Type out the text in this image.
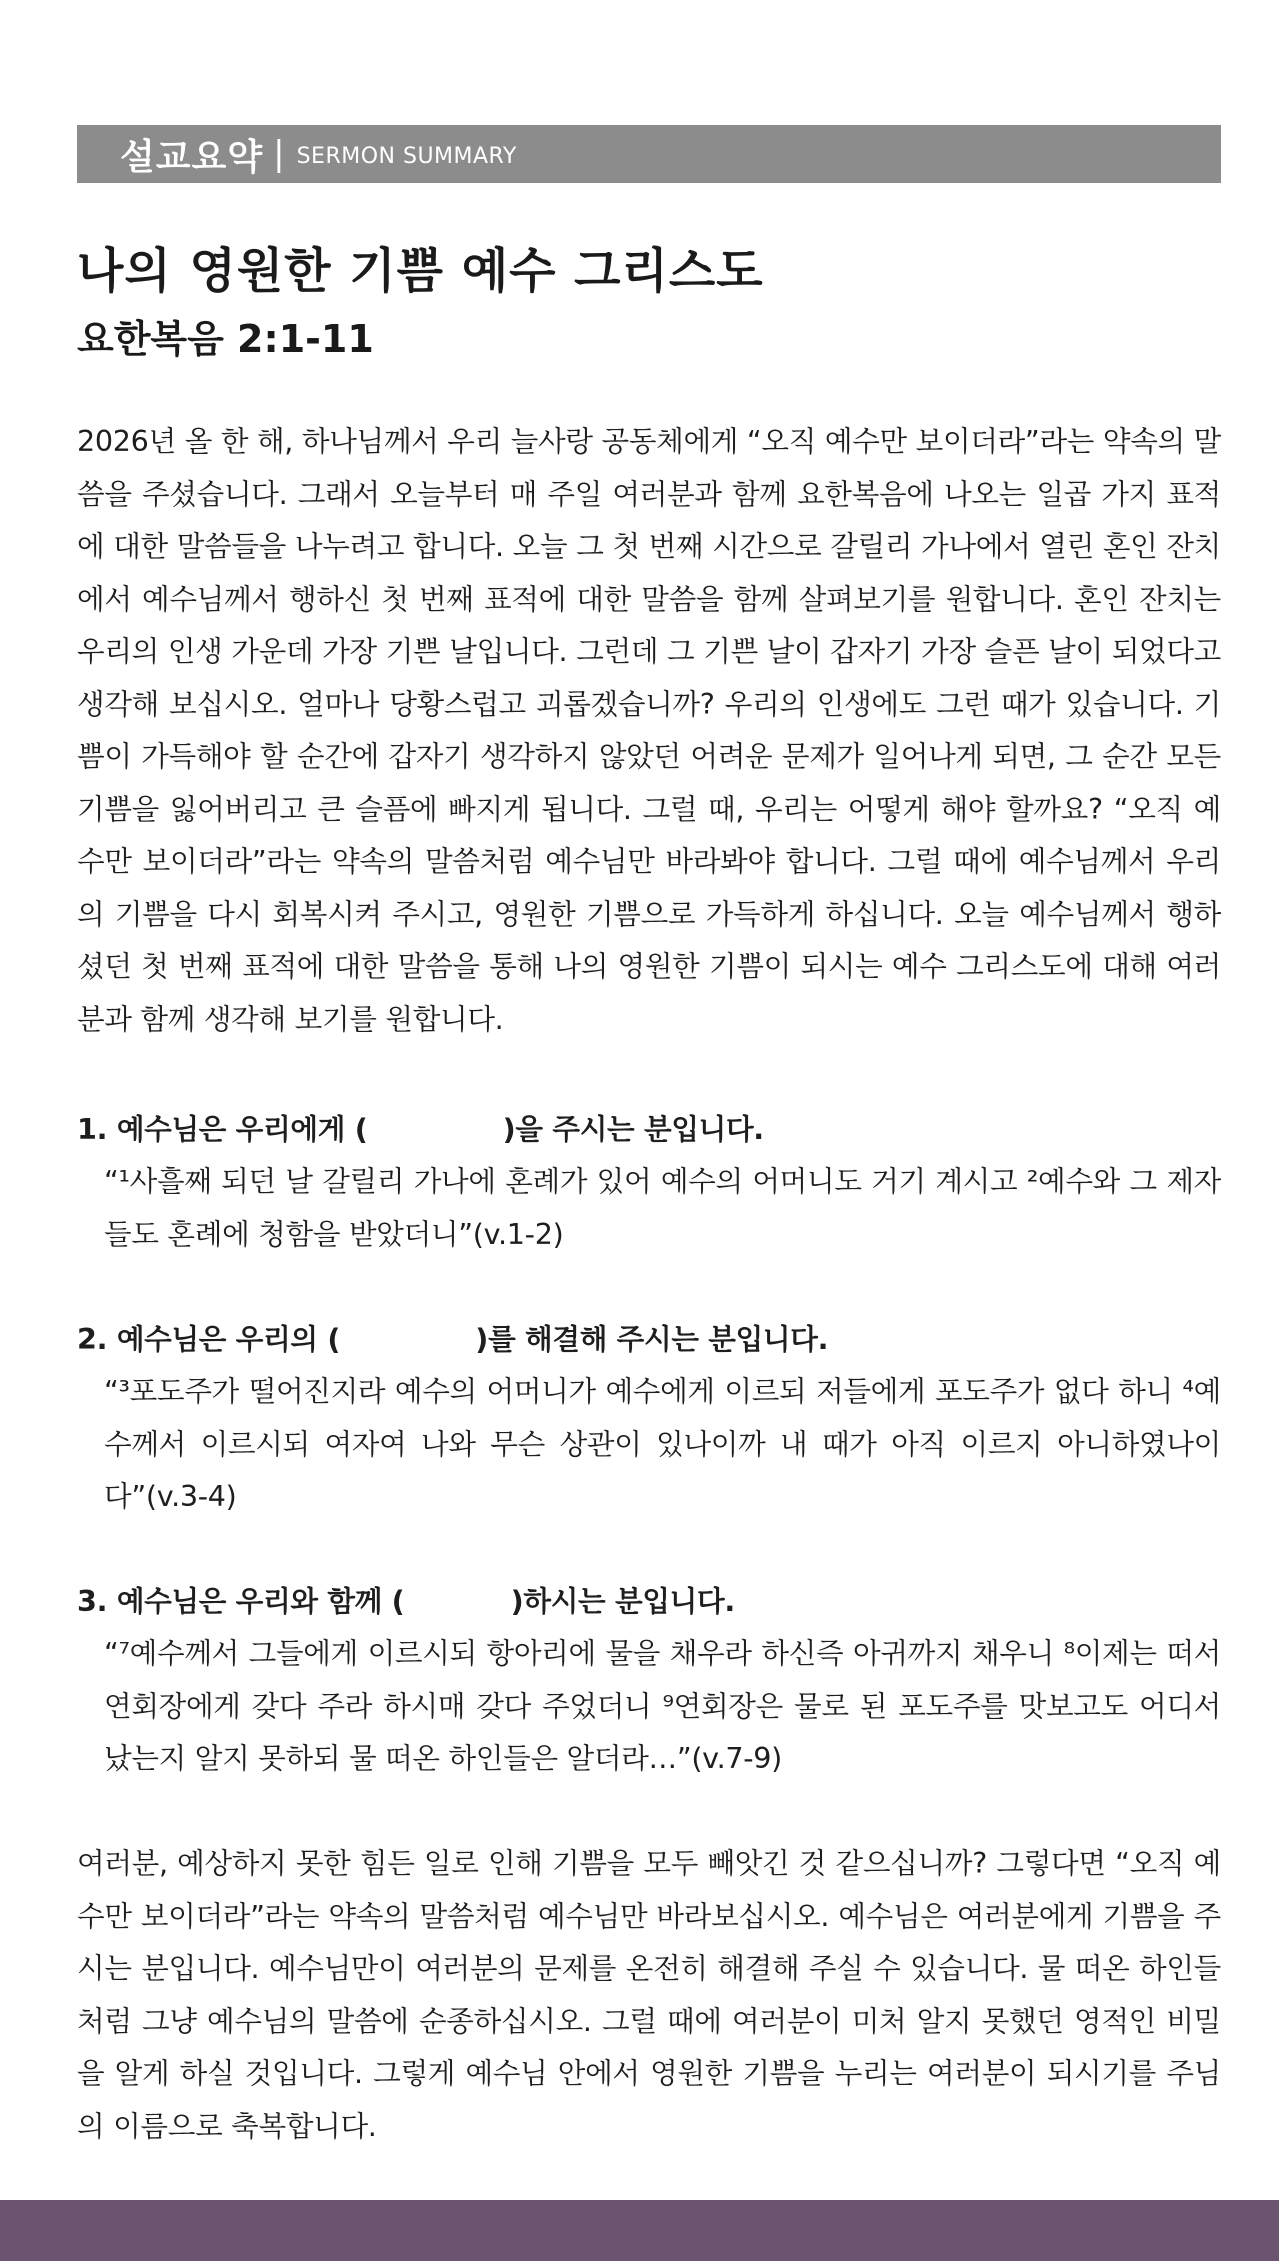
설교요약 | SERMON SUMMARY
나의 영원한 기쁨 예수 그리스도
요한복음 2:1-11

2026년 올 한 해, 하나님께서 우리 늘사랑 공동체에게 “오직 예수만 보이더라”라는 약속의 말씀을 주셨습니다. 그래서 오늘부터 매 주일 여러분과 함께 요한복음에 나오는 일곱 가지 표적에 대한 말씀들을 나누려고 합니다. 오늘 그 첫 번째 시간으로 갈릴리 가나에서 열린 혼인 잔치에서 예수님께서 행하신 첫 번째 표적에 대한 말씀을 함께 살펴보기를 원합니다. 혼인 잔치는 우리의 인생 가운데 가장 기쁜 날입니다. 그런데 그 기쁜 날이 갑자기 가장 슬픈 날이 되었다고 생각해 보십시오. 얼마나 당황스럽고 괴롭겠습니까? 우리의 인생에도 그런 때가 있습니다. 기쁨이 가득해야 할 순간에 갑자기 생각하지 않았던 어려운 문제가 일어나게 되면, 그 순간 모든 기쁨을 잃어버리고 큰 슬픔에 빠지게 됩니다. 그럴 때, 우리는 어떻게 해야 할까요? “오직 예수만 보이더라”라는 약속의 말씀처럼 예수님만 바라봐야 합니다. 그럴 때에 예수님께서 우리의 기쁨을 다시 회복시켜 주시고, 영원한 기쁨으로 가득하게 하십니다. 오늘 예수님께서 행하셨던 첫 번째 표적에 대한 말씀을 통해 나의 영원한 기쁨이 되시는 예수 그리스도에 대해 여러분과 함께 생각해 보기를 원합니다.

1. 예수님은 우리에게 (              )을 주시는 분입니다.

“¹사흘째 되던 날 갈릴리 가나에 혼례가 있어 예수의 어머니도 거기 계시고 ²예수와 그 제자들도 혼례에 청함을 받았더니”(v.1-2)

2. 예수님은 우리의 (              )를 해결해 주시는 분입니다.

“³포도주가 떨어진지라 예수의 어머니가 예수에게 이르되 저들에게 포도주가 없다 하니 ⁴예수께서 이르시되 여자여 나와 무슨 상관이 있나이까 내 때가 아직 이르지 아니하였나이다”(v.3-4)

3. 예수님은 우리와 함께 (           )하시는 분입니다.

“⁷예수께서 그들에게 이르시되 항아리에 물을 채우라 하신즉 아귀까지 채우니 ⁸이제는 떠서 연회장에게 갖다 주라 하시매 갖다 주었더니 ⁹연회장은 물로 된 포도주를 맛보고도 어디서 났는지 알지 못하되 물 떠온 하인들은 알더라…”(v.7-9)

여러분, 예상하지 못한 힘든 일로 인해 기쁨을 모두 빼앗긴 것 같으십니까? 그렇다면 “오직 예수만 보이더라”라는 약속의 말씀처럼 예수님만 바라보십시오. 예수님은 여러분에게 기쁨을 주시는 분입니다. 예수님만이 여러분의 문제를 온전히 해결해 주실 수 있습니다. 물 떠온 하인들처럼 그냥 예수님의 말씀에 순종하십시오. 그럴 때에 여러분이 미처 알지 못했던 영적인 비밀을 알게 하실 것입니다. 그렇게 예수님 안에서 영원한 기쁨을 누리는 여러분이 되시기를 주님의 이름으로 축복합니다.
